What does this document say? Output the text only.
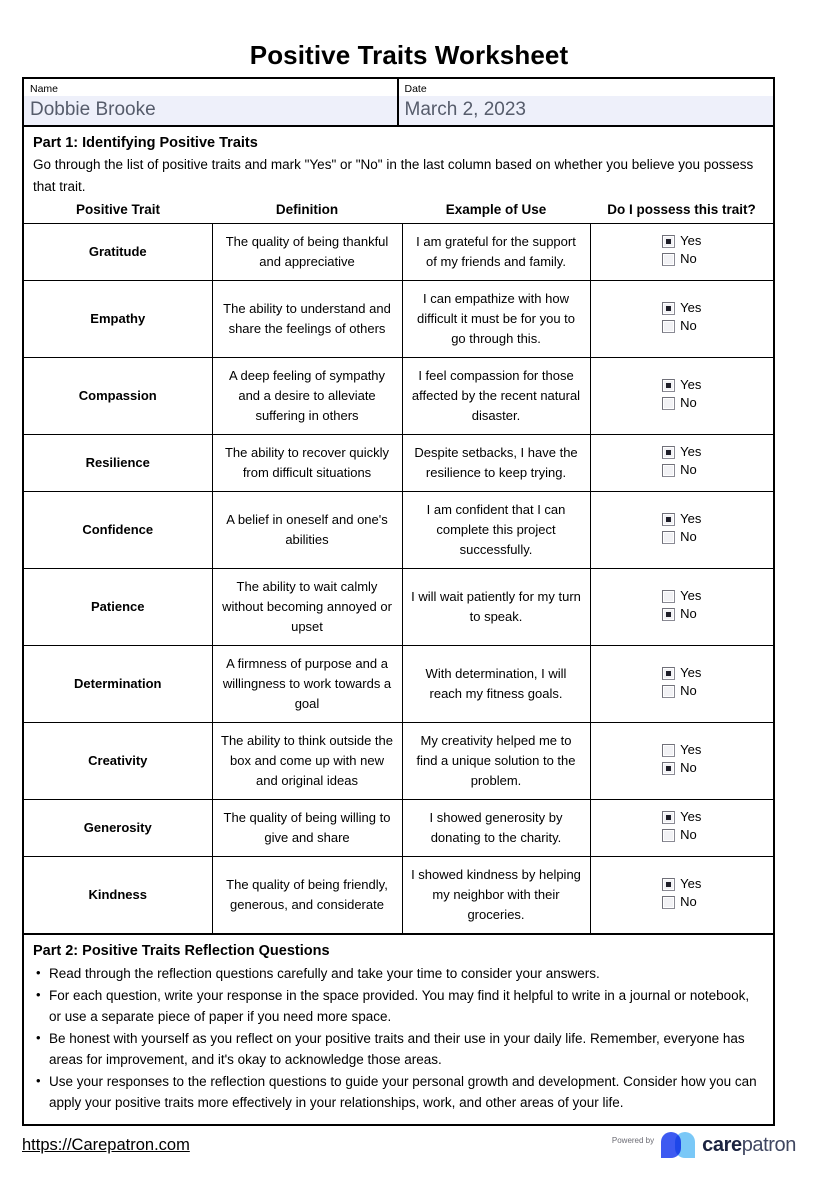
Positive Traits Worksheet
Name
Dobbie Brooke
Date
March 2, 2023
Part 1: Identifying Positive Traits
Go through the list of positive traits and mark "Yes" or "No" in the last column based on whether you believe you possess that trait.
Positive Trait	Definition	Example of Use	Do I possess this trait?
Gratitude	The quality of being thankful and appreciative	I am grateful for the support of my friends and family.	Yes
No

Empathy	The ability to understand and share the feelings of others	I can empathize with how difficult it must be for you to go through this.	Yes
No

Compassion	A deep feeling of sympathy and a desire to alleviate suffering in others	I feel compassion for those affected by the recent natural disaster.	Yes
No

Resilience	The ability to recover quickly from difficult situations	Despite setbacks, I have the resilience to keep trying.	Yes
No

Confidence	A belief in oneself and one's abilities	I am confident that I can complete this project successfully.	Yes
No

Patience	The ability to wait calmly without becoming annoyed or upset	I will wait patiently for my turn to speak.	Yes
No

Determination	A firmness of purpose and a willingness to work towards a goal	With determination, I will reach my fitness goals.	Yes
No

Creativity	The ability to think outside the box and come up with new and original ideas	My creativity helped me to find a unique solution to the problem.	Yes
No

Generosity	The quality of being willing to give and share	I showed generosity by donating to the charity.	Yes
No

Kindness	The quality of being friendly, generous, and considerate	I showed kindness by helping my neighbor with their groceries.	Yes
No
Part 2: Positive Traits Reflection Questions
• Read through the reflection questions carefully and take your time to consider your answers.
• For each question, write your response in the space provided. You may find it helpful to write in a journal or notebook, or use a separate piece of paper if you need more space.
• Be honest with yourself as you reflect on your positive traits and their use in your daily life. Remember, everyone has areas for improvement, and it's okay to acknowledge those areas.
• Use your responses to the reflection questions to guide your personal growth and development. Consider how you can apply your positive traits more effectively in your relationships, work, and other areas of your life.
https://Carepatron.com	Powered by carepatron
